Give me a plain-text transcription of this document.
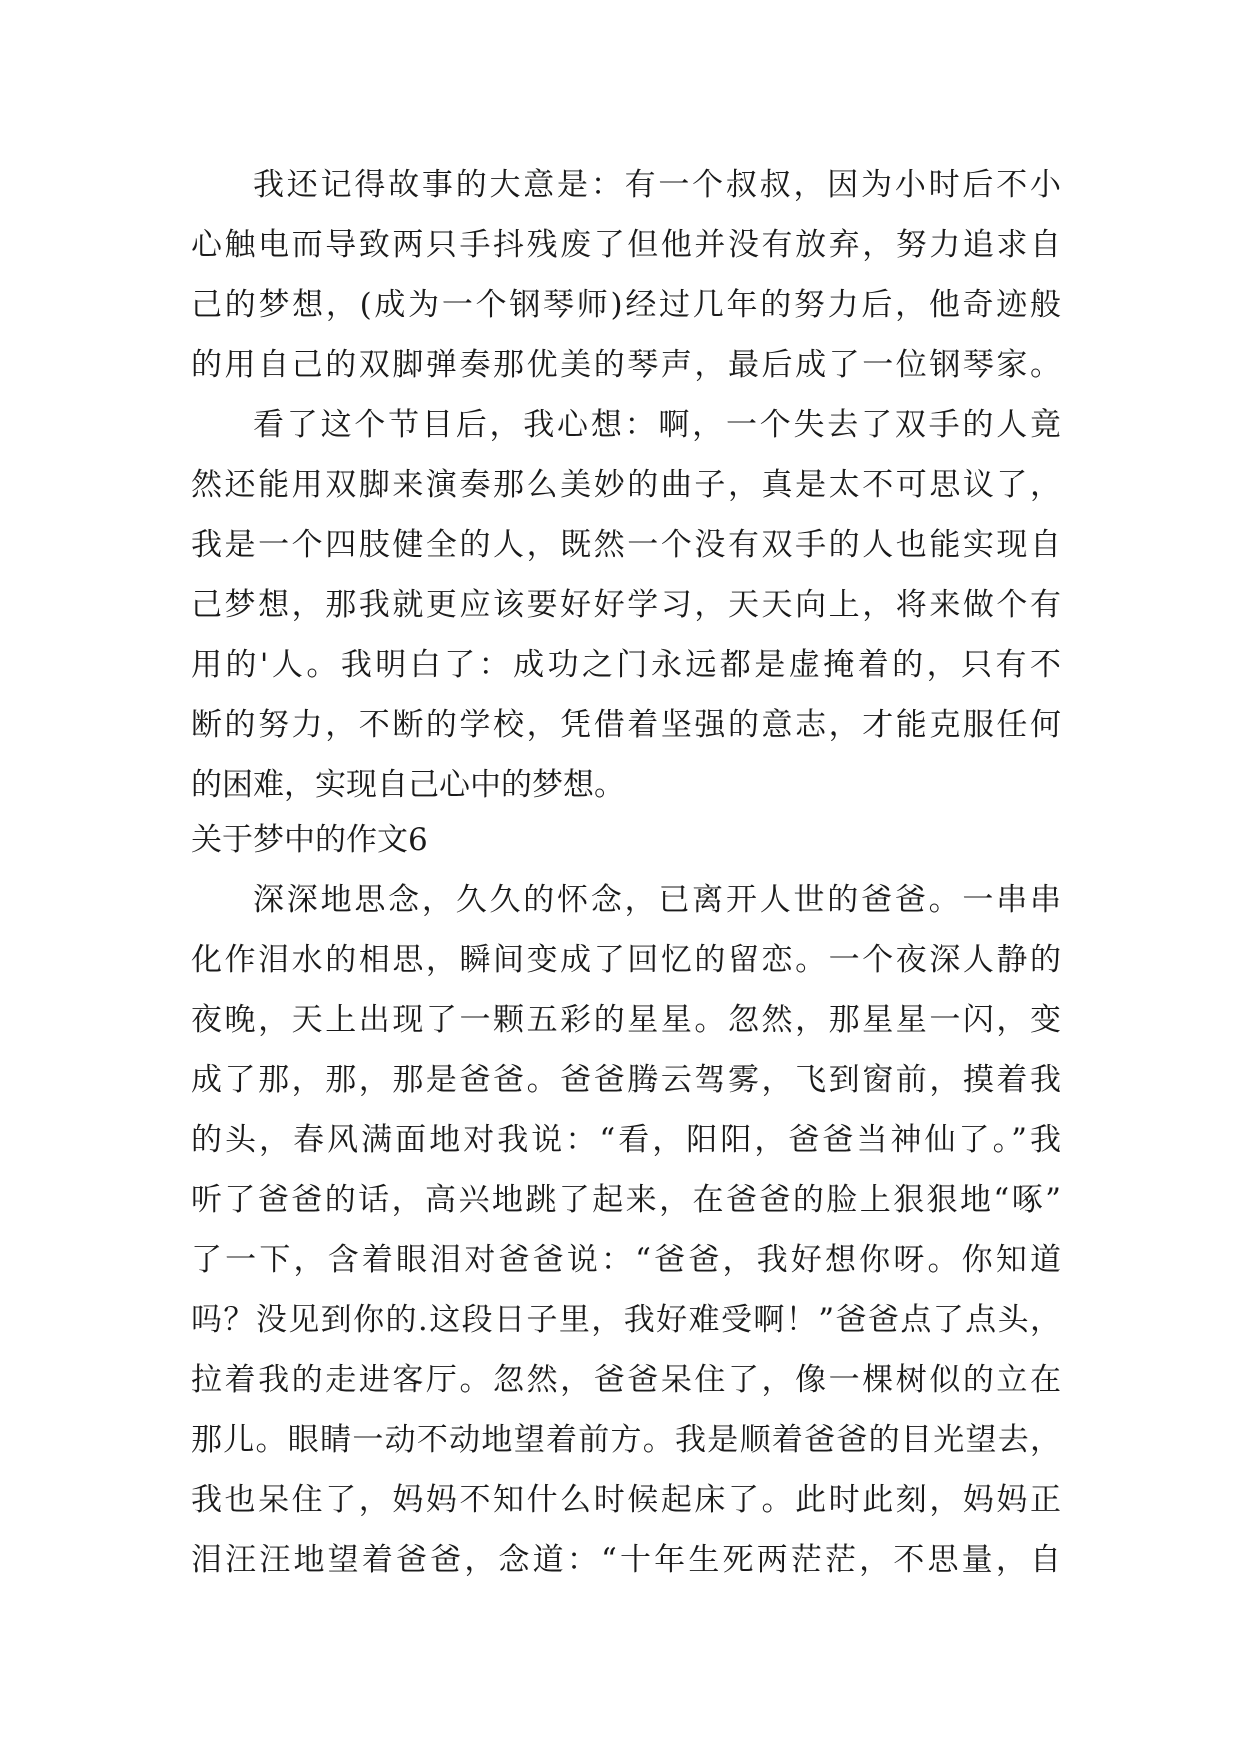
我还记得故事的大意是：有一个叔叔，因为小时后不小

心触电而导致两只手抖残废了但他并没有放弃，努力追求自

己的梦想，(成为一个钢琴师)经过几年的努力后，他奇迹般

的用自己的双脚弹奏那优美的琴声，最后成了一位钢琴家。

看了这个节目后，我心想：啊，一个失去了双手的人竟

然还能用双脚来演奏那么美妙的曲子，真是太不可思议了，

我是一个四肢健全的人，既然一个没有双手的人也能实现自

己梦想，那我就更应该要好好学习，天天向上，将来做个有

用的'人。我明白了：成功之门永远都是虚掩着的，只有不

断的努力，不断的学校，凭借着坚强的意志，才能克服任何

的困难，实现自己心中的梦想。

关于梦中的作文6

深深地思念，久久的怀念，已离开人世的爸爸。一串串

化作泪水的相思，瞬间变成了回忆的留恋。一个夜深人静的

夜晚，天上出现了一颗五彩的星星。忽然，那星星一闪，变

成了那，那，那是爸爸。爸爸腾云驾雾，飞到窗前，摸着我

的头，春风满面地对我说：“看，阳阳，爸爸当神仙了。”我

听了爸爸的话，高兴地跳了起来，在爸爸的脸上狠狠地“啄”

了一下，含着眼泪对爸爸说：“爸爸，我好想你呀。你知道

吗？没见到你的.这段日子里，我好难受啊！”爸爸点了点头，

拉着我的走进客厅。忽然，爸爸呆住了，像一棵树似的立在

那儿。眼睛一动不动地望着前方。我是顺着爸爸的目光望去，

我也呆住了，妈妈不知什么时候起床了。此时此刻，妈妈正

泪汪汪地望着爸爸，念道：“十年生死两茫茫，不思量，自
